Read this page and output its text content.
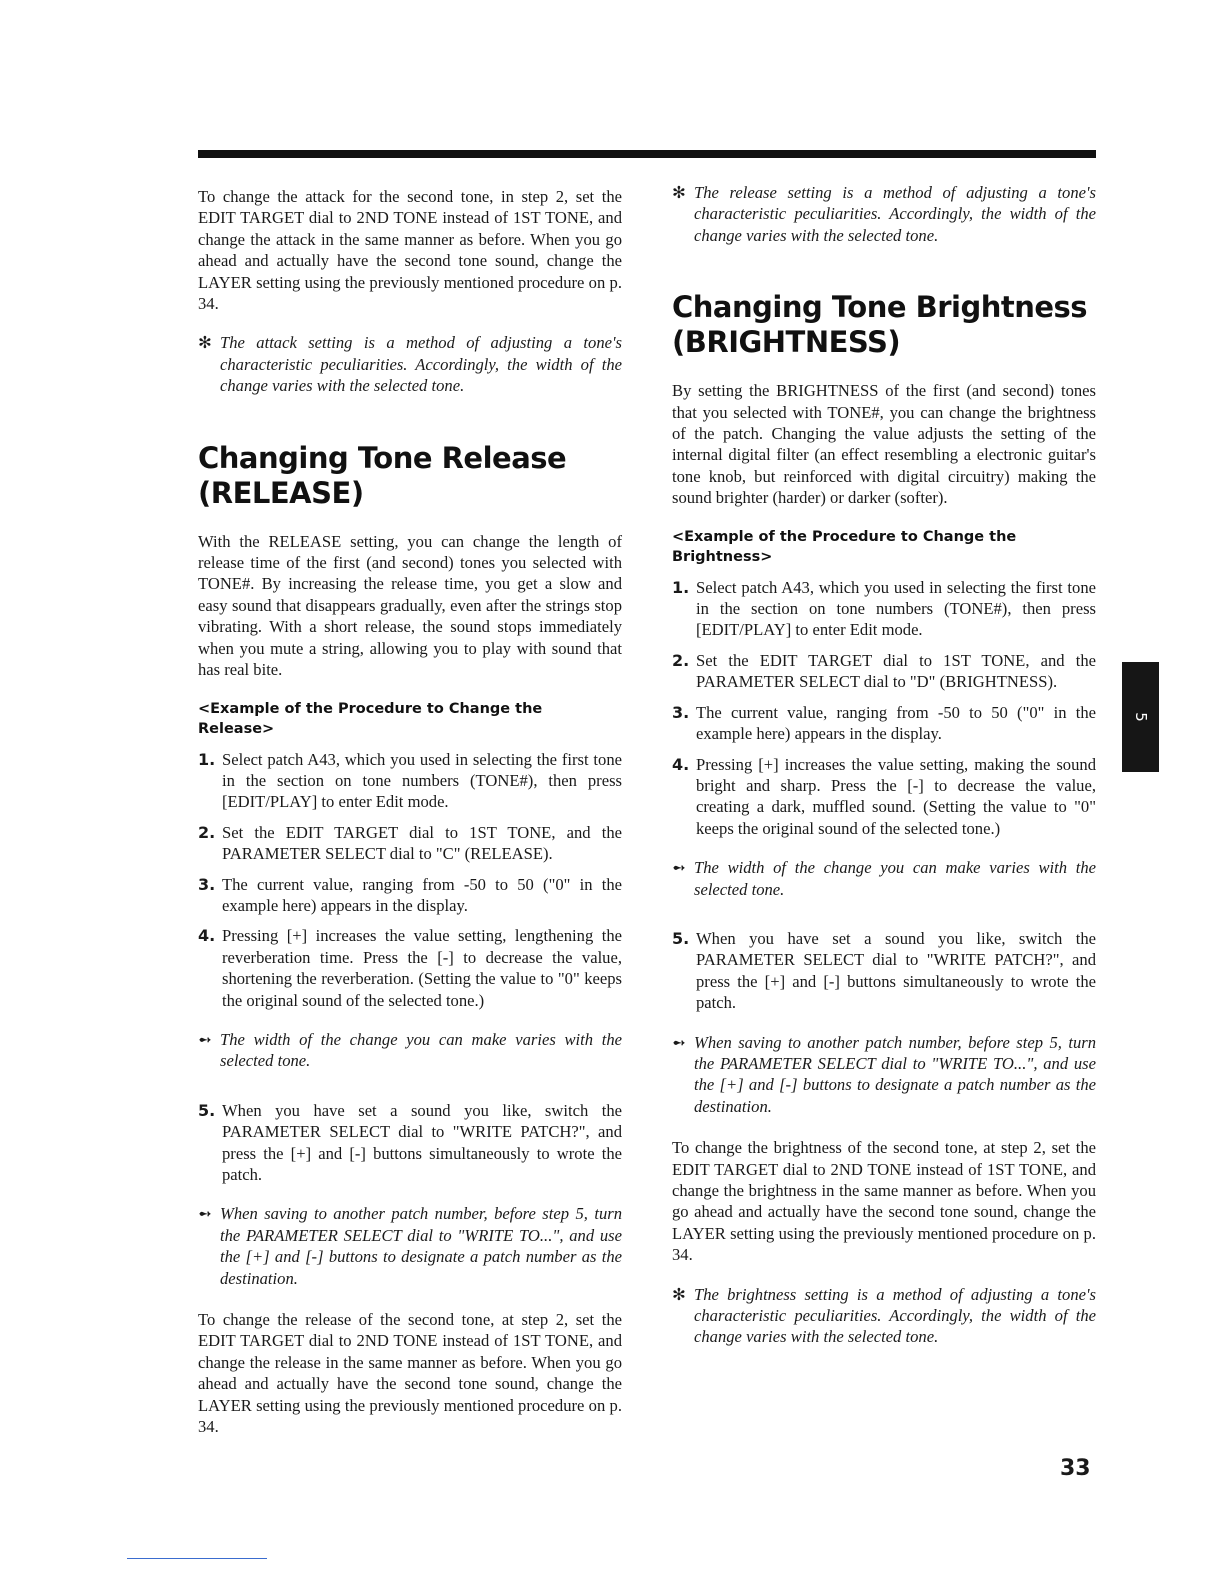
To change the attack for the second tone, in step 2, set the EDIT TARGET dial to 2ND TONE instead of 1ST TONE, and change the attack in the same manner as before. When you go ahead and actually have the second tone sound, change the LAYER setting using the previously mentioned procedure on p. 34.

✻ The attack setting is a method of adjusting a tone's characteristic peculiarities. Accordingly, the width of the change varies with the selected tone.
Changing Tone Release (RELEASE)

With the RELEASE setting, you can change the length of release time of the first (and second) tones you selected with TONE#. By increasing the release time, you get a slow and easy sound that disappears gradually, even after the strings stop vibrating. With a short release, the sound stops immediately when you mute a string, allowing you to play with sound that has real bite.

<Example of the Procedure to Change the Release>
1. Select patch A43, which you used in selecting the first tone in the section on tone numbers (TONE#), then press [EDIT/PLAY] to enter Edit mode.
2. Set the EDIT TARGET dial to 1ST TONE, and the PARAMETER SELECT dial to "C" (RELEASE).
3. The current value, ranging from -50 to 50 ("0" in the example here) appears in the display.
4. Pressing [+] increases the value setting, lengthening the reverberation time. Press the [-] to decrease the value, shortening the reverberation. (Setting the value to "0" keeps the original sound of the selected tone.)
➻ The width of the change you can make varies with the selected tone.
5. When you have set a sound you like, switch the PARAMETER SELECT dial to "WRITE PATCH?", and press the [+] and [-] buttons simultaneously to wrote the patch.
➻ When saving to another patch number, before step 5, turn the PARAMETER SELECT dial to "WRITE TO...", and use the [+] and [-] buttons to designate a patch number as the destination.

To change the release of the second tone, at step 2, set the EDIT TARGET dial to 2ND TONE instead of 1ST TONE, and change the release in the same manner as before. When you go ahead and actually have the second tone sound, change the LAYER setting using the previously mentioned procedure on p. 34.

✻ The release setting is a method of adjusting a tone's characteristic peculiarities. Accordingly, the width of the change varies with the selected tone.
Changing Tone Brightness (BRIGHTNESS)

By setting the BRIGHTNESS of the first (and second) tones that you selected with TONE#, you can change the brightness of the patch. Changing the value adjusts the setting of the internal digital filter (an effect resembling a electronic guitar's tone knob, but reinforced with digital circuitry) making the sound brighter (harder) or darker (softer).

<Example of the Procedure to Change the Brightness>
1. Select patch A43, which you used in selecting the first tone in the section on tone numbers (TONE#), then press [EDIT/PLAY] to enter Edit mode.
2. Set the EDIT TARGET dial to 1ST TONE, and the PARAMETER SELECT dial to "D" (BRIGHTNESS).
3. The current value, ranging from -50 to 50 ("0" in the example here) appears in the display.
4. Pressing [+] increases the value setting, making the sound bright and sharp. Press the [-] to decrease the value, creating a dark, muffled sound. (Setting the value to "0" keeps the original sound of the selected tone.)
➻ The width of the change you can make varies with the selected tone.
5. When you have set a sound you like, switch the PARAMETER SELECT dial to "WRITE PATCH?", and press the [+] and [-] buttons simultaneously to wrote the patch.
➻ When saving to another patch number, before step 5, turn the PARAMETER SELECT dial to "WRITE TO...", and use the [+] and [-] buttons to designate a patch number as the destination.

To change the brightness of the second tone, at step 2, set the EDIT TARGET dial to 2ND TONE instead of 1ST TONE, and change the brightness in the same manner as before. When you go ahead and actually have the second tone sound, change the LAYER setting using the previously mentioned procedure on p. 34.

✻ The brightness setting is a method of adjusting a tone's characteristic peculiarities. Accordingly, the width of the change varies with the selected tone.
5
33
